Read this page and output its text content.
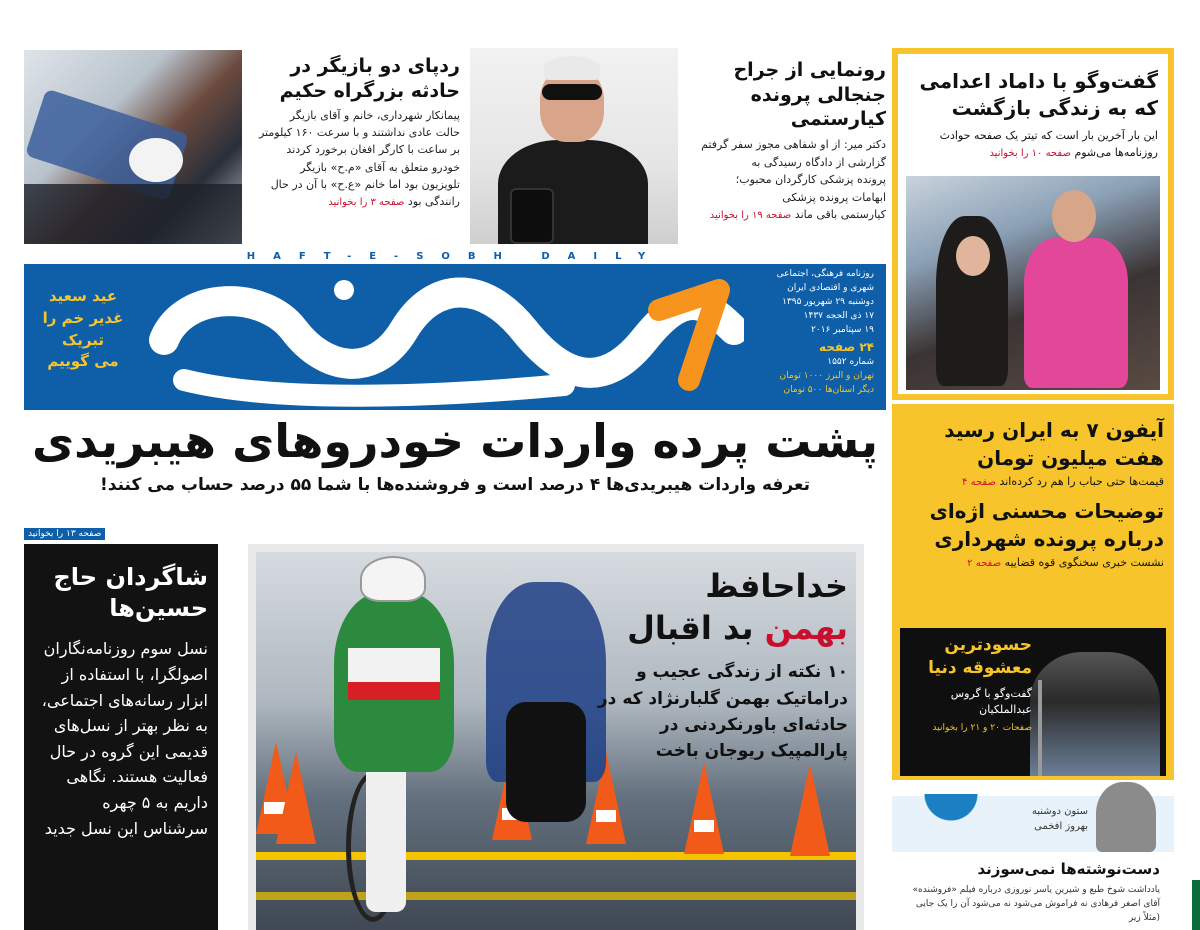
ردپای دو بازیگر در حادثه بزرگراه حکیم

پیمانکار شهرداری، خانم و آقای بازیگر
حالت عادی نداشتند و با سرعت ۱۶۰ کیلومتر
بر ساعت با کارگر افغان برخورد کردند
خودرو متعلق به آقای «م.ح» بازیگر
تلویزیون بود اما خانم «ع.ح» با آن در حال
رانندگی بود صفحه ۳ را بخوانید

رونمایی از جراح جنجالی پرونده کیارستمی

دکتر میر: از او شفاهی مجوز سفر گرفتم
گزارشی از دادگاه رسیدگی به
پرونده پزشکی کارگردان محبوب؛
ابهامات پرونده پزشکی
کیارستمی باقی ماند صفحه ۱۹ را بخوانید

HAFT-E-SOBH DAILY
عید سعید
غدیر خم را
تبریک
می گوییم
روزنامه فرهنگی، اجتماعی
شهری و اقتصادی ایران
دوشنبه ۲۹ شهریور ۱۳۹۵
۱۷ ذی الحجه ۱۴۳۷
۱۹ سپتامبر ۲۰۱۶
۲۴ صفحه
شماره ۱۵۵۲
تهران و البرز ۱۰۰۰ تومان
دیگر استان‌ها ۵۰۰ تومان
پشت پرده واردات خودروهای هیبریدی
تعرفه واردات هیبریدی‌ها ۴ درصد است و فروشنده‌ها با شما ۵۵ درصد حساب می کنند!
صفحه ۱۳ را بخوانید
شاگردان حاج حسین‌ها

نسل سوم روزنامه‌نگاران اصولگرا، با استفاده از ابزار رسانه‌های اجتماعی، به نظر بهتر از نسل‌های قدیمی این گروه در حال فعالیت هستند. نگاهی داریم به ۵ چهره سرشناس این نسل جدید

خداحافظ
بهمن بد اقبال

۱۰ نکته از زندگی عجیب و دراماتیک بهمن گلبارنژاد که در حادثه‌ای باورنکردنی در پارالمپیک ریوجان باخت

گفت‌وگو با داماد اعدامی که به زندگی بازگشت
این بار آخرین بار است که تیتر یک صفحه حوادث روزنامه‌ها می‌شوم صفحه ۱۰ را بخوانید
آیفون ۷ به ایران رسید هفت میلیون تومان
قیمت‌ها حتی حباب را هم رد کرده‌اند صفحه ۴
توضیحات محسنی اژه‌ای درباره پرونده شهرداری
نشست خبری سخنگوی قوه قضاییه صفحه ۲
حسودترین معشوقه دنیا
گفت‌وگو با گروس عبدالملکیان
صفحات ۲۰ و ۲۱ را بخوانید
ستون دوشنبه
بهروز افخمی
دست‌نوشته‌ها نمی‌سوزند
یادداشت شوخ طبع و شیرین یاسر نوروزی درباره فیلم «فروشنده» آقای اصغر فرهادی نه فراموش می‌شود نه می‌شود آن را یک جایی (مثلاً زیر
